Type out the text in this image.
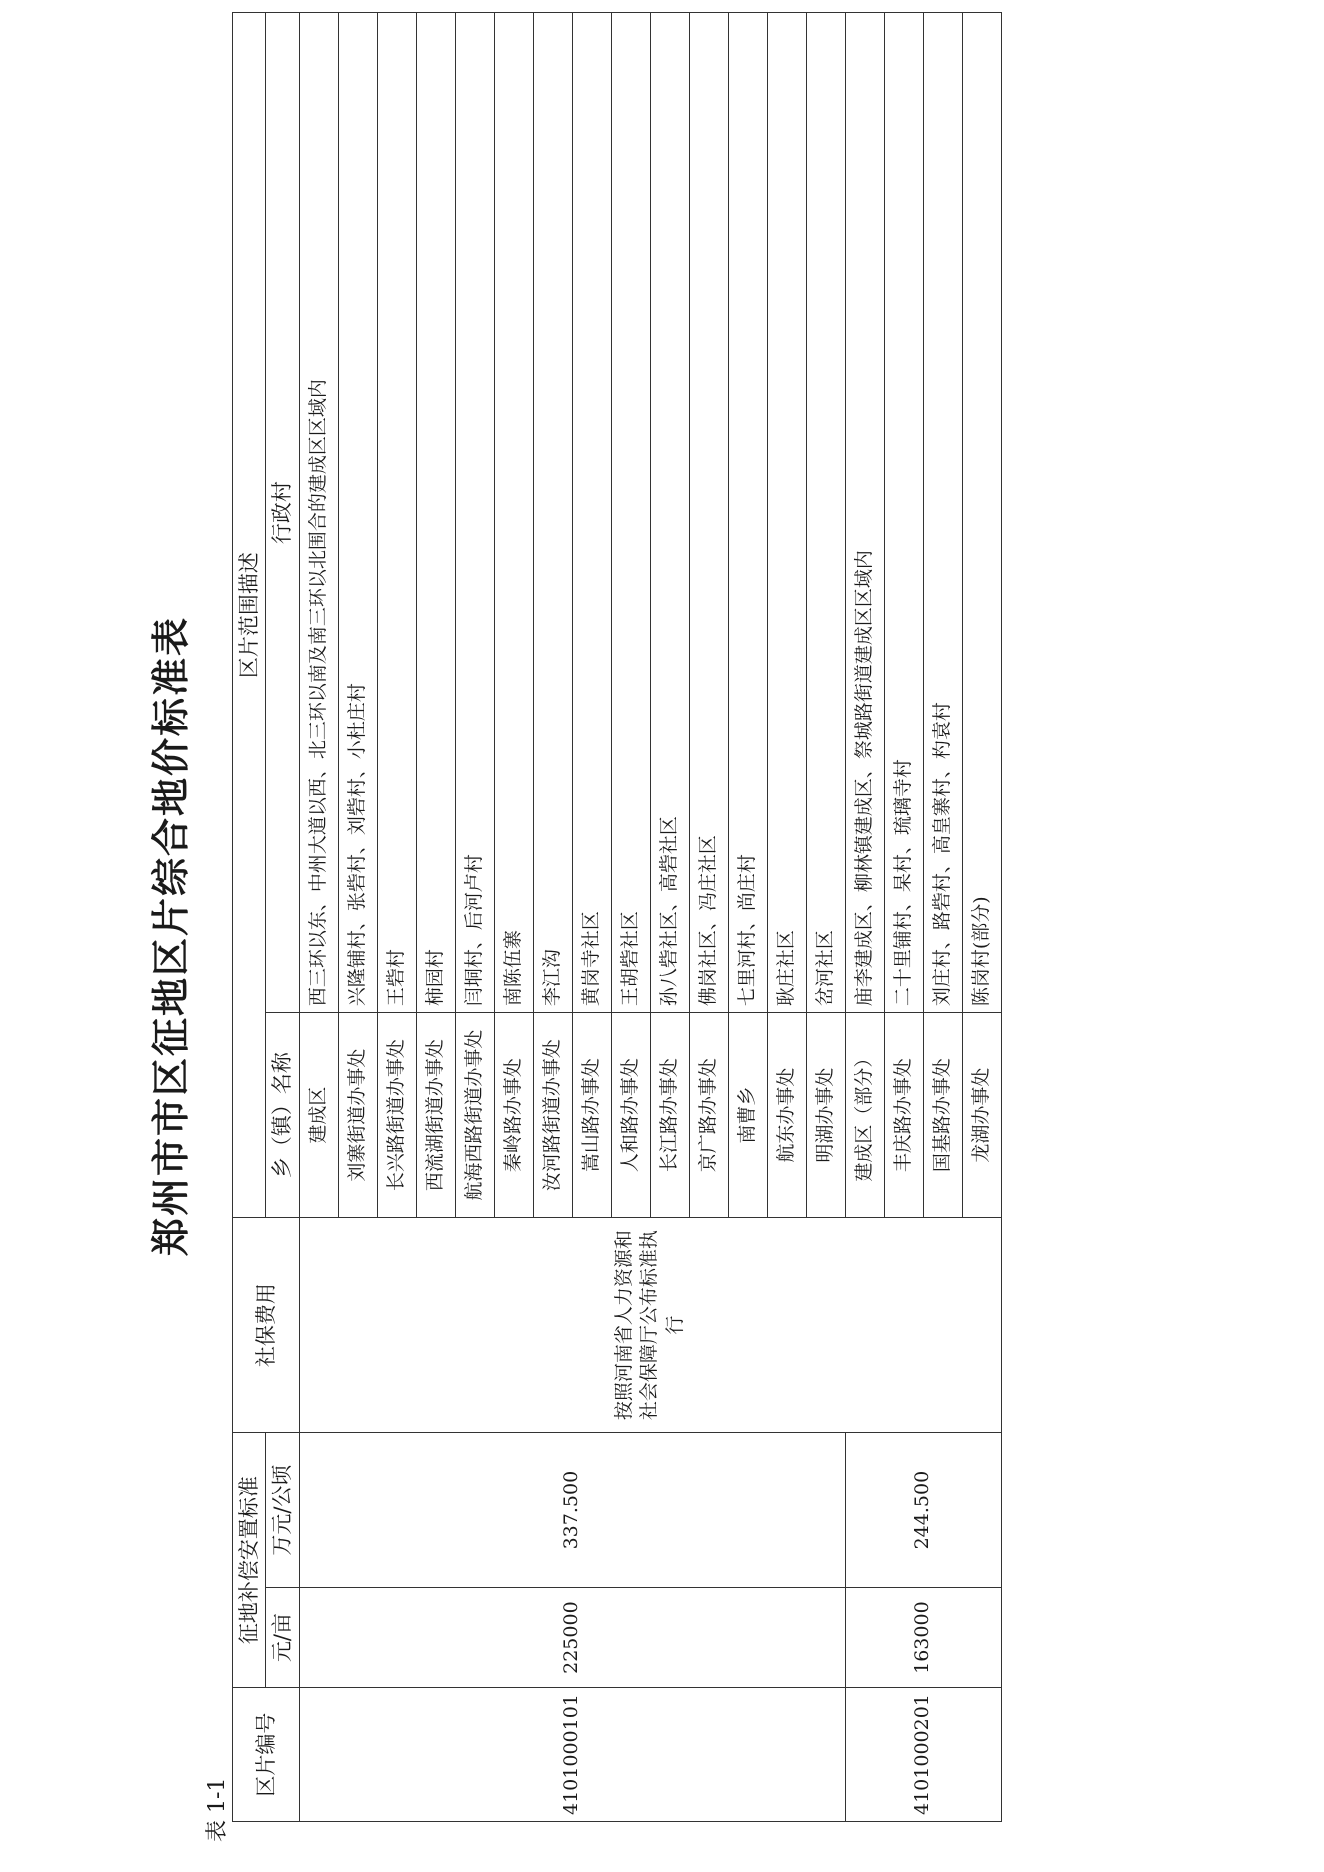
郑州市市区征地区片综合地价标准表
表 1-1
区片编号	征地补偿安置标准		社保费用	区片范围描述	
	元/亩	万元/公顷		乡（镇）名称	行政村
4101000101	225000	337.500	按照河南省人力资源和社会保障厅公布标准执行	建成区	西三环以东、中州大道以西、北三环以南及南三环以北围合的建成区区域内
				刘寨街道办事处	兴隆铺村、张砦村、刘砦村、小杜庄村
				长兴路街道办事处	王砦村
				西流湖街道办事处	柿园村
				航海西路街道办事处	闫垌村、后河卢村
				秦岭路办事处	南陈伍寨
				汝河路街道办事处	李江沟
				嵩山路办事处	黄岗寺社区
				人和路办事处	王胡砦社区
				长江路办事处	孙八砦社区、高砦社区
				京广路办事处	佛岗社区、冯庄社区
				南曹乡	七里河村、尚庄村
				航东办事处	耿庄社区
				明湖办事处	岔河社区
4101000201	163000	244.500		建成区（部分）	庙李建成区、柳林镇建成区、祭城路街道建成区区域内
				丰庆路办事处	二十里铺村、杲村、琉璃寺村
				国基路办事处	刘庄村、路砦村、高皇寨村、杓袁村
				龙湖办事处	陈岗村(部分)
